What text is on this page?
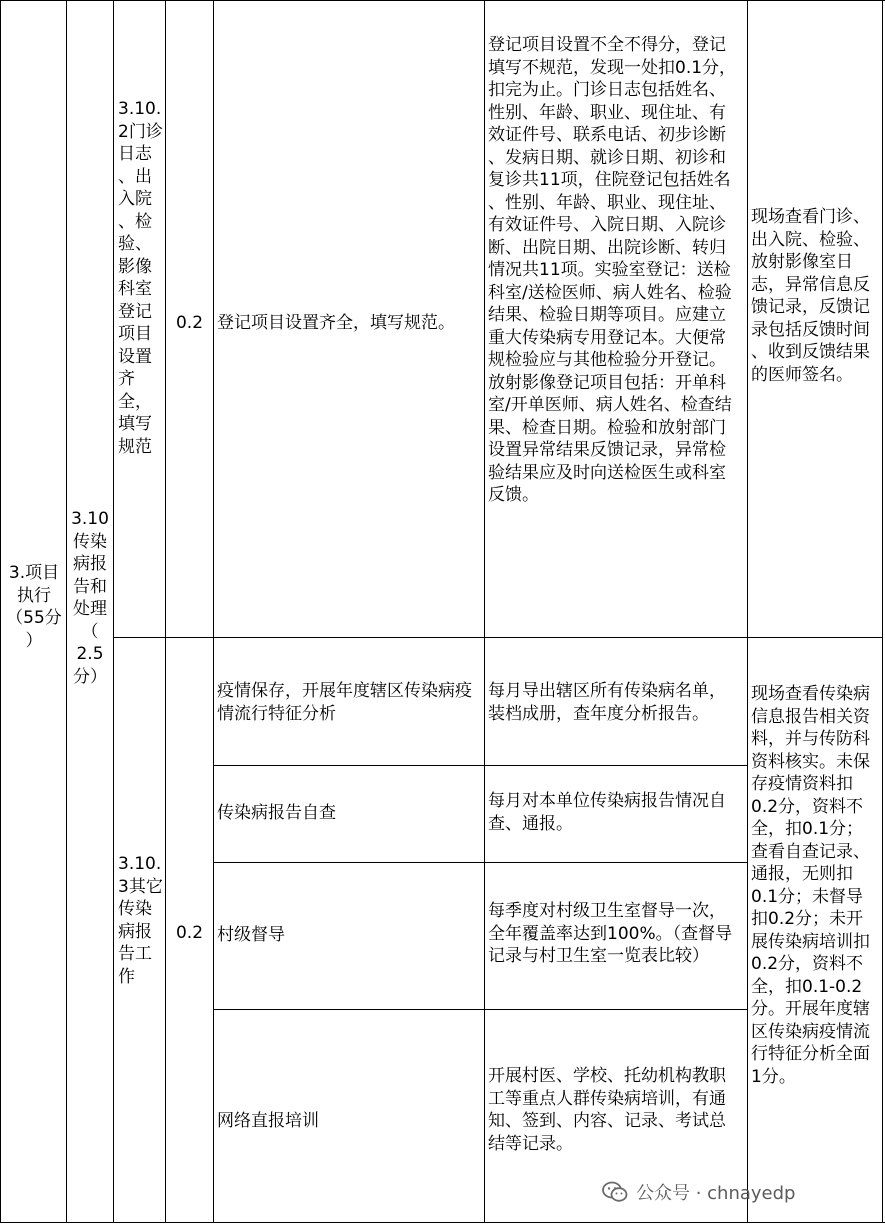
3.项目
执行
（55分
）
3.10
传染
病报
告和
处理
（
2.5
分）
3.10.
2门诊
日志
、出
入院
、检
验、
影像
科室
登记
项目
设置
齐
全，
填写
规范
0.2 登记项目设置齐全，填写规范。
登记项目设置不全不得分，登记
填写不规范，发现一处扣0.1分，
扣完为止。门诊日志包括姓名、
性别、年龄、职业、现住址、有
效证件号、联系电话、初步诊断
、发病日期、就诊日期、初诊和
复诊共11项，住院登记包括姓名
、性别、年龄、职业、现住址、
有效证件号、入院日期、入院诊
断、出院日期、出院诊断、转归
情况共11项。实验室登记：送检
科室/送检医师、病人姓名、检验
结果、检验日期等项目。应建立
重大传染病专用登记本。大便常
规检验应与其他检验分开登记。
放射影像登记项目包括：开单科
室/开单医师、病人姓名、检查结
果、检查日期。检验和放射部门
设置异常结果反馈记录，异常检
验结果应及时向送检医生或科室
反馈。
现场查看门诊、
出入院、检验、
放射影像室日
志，异常信息反
馈记录，反馈记
录包括反馈时间
、收到反馈结果
的医师签名。
3.10.
3其它
传染
病报
告工
作
0.2
疫情保存，开展年度辖区传染病疫
情流行特征分析
每月导出辖区所有传染病名单，
装档成册，查年度分析报告。
传染病报告自查
每月对本单位传染病报告情况自
查、通报。
村级督导
每季度对村级卫生室督导一次，
全年覆盖率达到100%。（查督导
记录与村卫生室一览表比较）
网络直报培训
开展村医、学校、托幼机构教职
工等重点人群传染病培训，有通
知、签到、内容、记录、考试总
结等记录。
现场查看传染病
信息报告相关资
料，并与传防科
资料核实。未保
存疫情资料扣
0.2分，资料不
全，扣0.1分；
查看自查记录、
通报，无则扣
0.1分；未督导
扣0.2分；未开
展传染病培训扣
0.2分，资料不
全，扣0.1-0.2
分。开展年度辖
区传染病疫情流
行特征分析全面
1分。
公众号 · chnayedp
